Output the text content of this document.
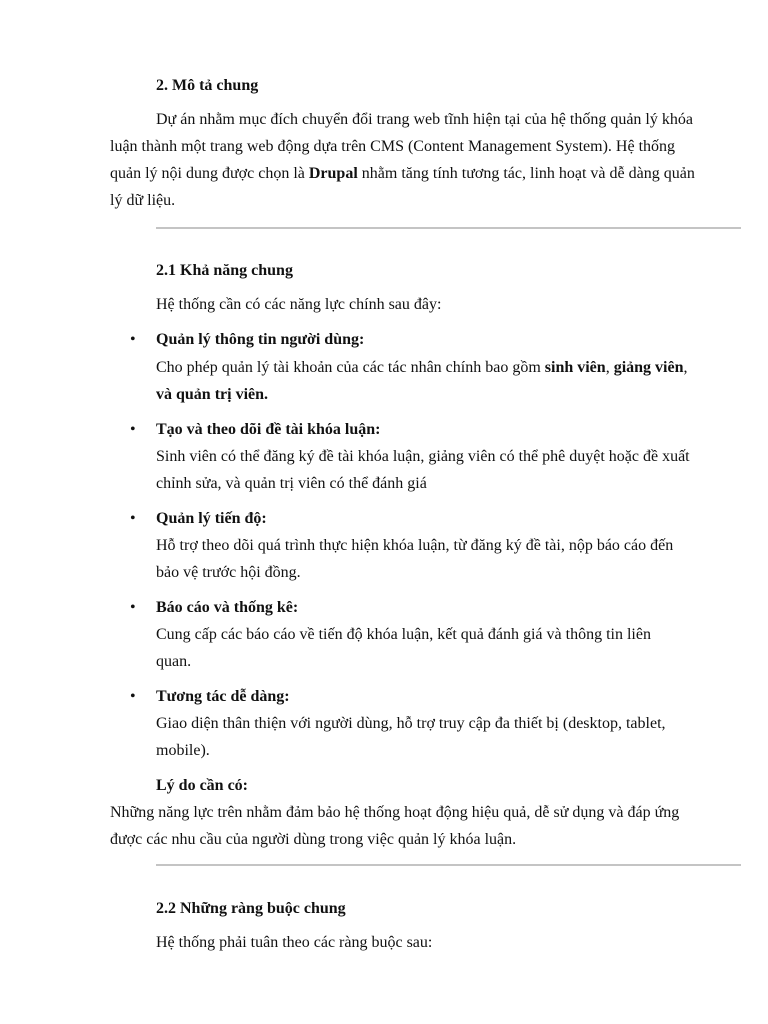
2. Mô tả chung
Dự án nhằm mục đích chuyển đổi trang web tĩnh hiện tại của hệ thống quản lý khóa luận thành một trang web động dựa trên CMS (Content Management System). Hệ thống quản lý nội dung được chọn là Drupal nhằm tăng tính tương tác, linh hoạt và dễ dàng quản lý dữ liệu.
2.1 Khả năng chung
Hệ thống cần có các năng lực chính sau đây:
• Quản lý thông tin người dùng:
Cho phép quản lý tài khoản của các tác nhân chính bao gồm sinh viên, giảng viên, và quản trị viên.
• Tạo và theo dõi đề tài khóa luận:
Sinh viên có thể đăng ký đề tài khóa luận, giảng viên có thể phê duyệt hoặc đề xuất chỉnh sửa, và quản trị viên có thể đánh giá
• Quản lý tiến độ:
Hỗ trợ theo dõi quá trình thực hiện khóa luận, từ đăng ký đề tài, nộp báo cáo đến bảo vệ trước hội đồng.
• Báo cáo và thống kê:
Cung cấp các báo cáo về tiến độ khóa luận, kết quả đánh giá và thông tin liên quan.
• Tương tác dễ dàng:
Giao diện thân thiện với người dùng, hỗ trợ truy cập đa thiết bị (desktop, tablet, mobile).
Lý do cần có:
Những năng lực trên nhằm đảm bảo hệ thống hoạt động hiệu quả, dễ sử dụng và đáp ứng được các nhu cầu của người dùng trong việc quản lý khóa luận.
2.2 Những ràng buộc chung
Hệ thống phải tuân theo các ràng buộc sau:
